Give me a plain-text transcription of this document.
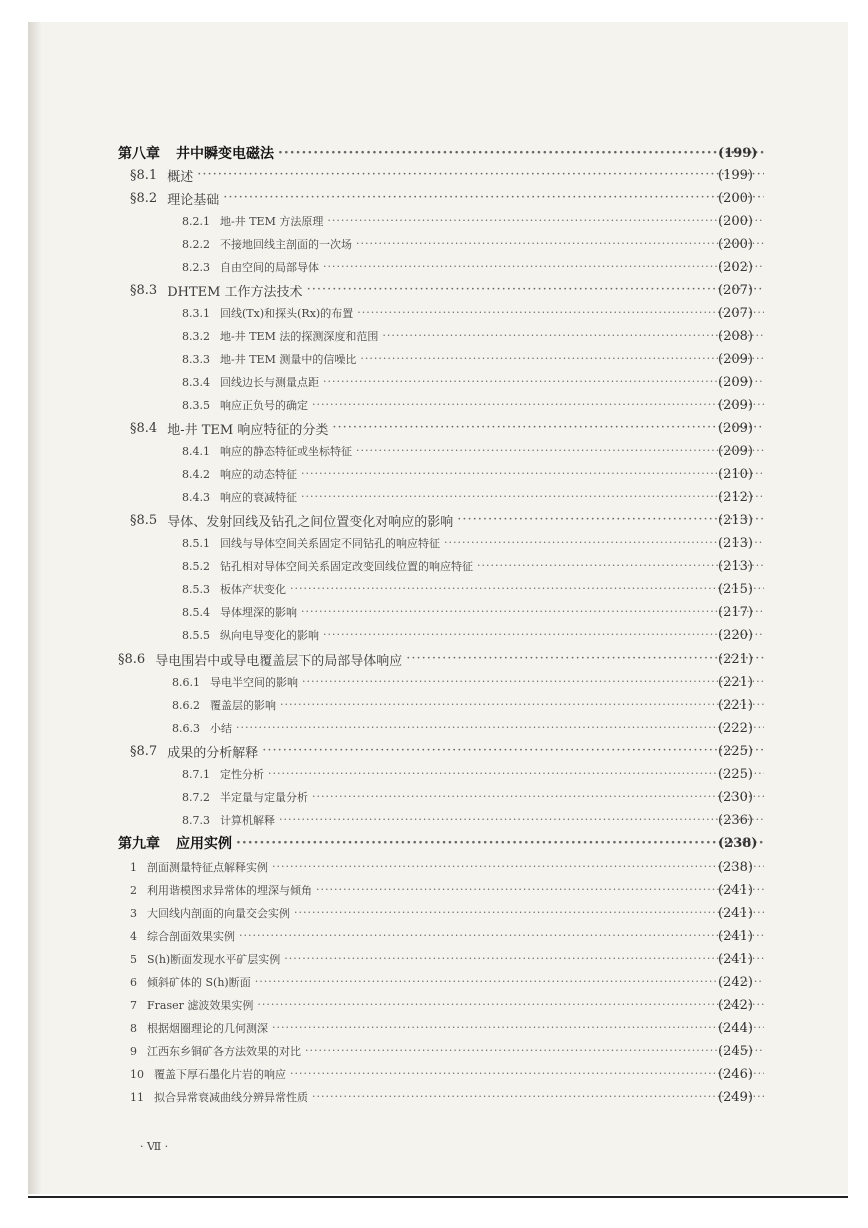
第八章 井中瞬变电磁法 ·····	(199)
§8.1 概述 ·····	(199)
§8.2 理论基础 ·····	(200)
8.2.1 地-井 TEM 方法原理 ·····	(200)
8.2.2 不接地回线主剖面的一次场 ·····	(200)
8.2.3 自由空间的局部导体 ·····	(202)
§8.3 DHTEM 工作方法技术 ·····	(207)
8.3.1 回线(Tx)和探头(Rx)的布置 ·····	(207)
8.3.2 地-井 TEM 法的探测深度和范围 ·····	(208)
8.3.3 地-井 TEM 测量中的信噪比 ·····	(209)
8.3.4 回线边长与测量点距 ·····	(209)
8.3.5 响应正负号的确定 ·····	(209)
§8.4 地-井 TEM 响应特征的分类 ·····	(209)
8.4.1 响应的静态特征或坐标特征 ·····	(209)
8.4.2 响应的动态特征 ·····	(210)
8.4.3 响应的衰减特征 ·····	(212)
§8.5 导体、发射回线及钻孔之间位置变化对响应的影响 ·····	(213)
8.5.1 回线与导体空间关系固定不同钻孔的响应特征 ·····	(213)
8.5.2 钻孔相对导体空间关系固定改变回线位置的响应特征 ·····	(213)
8.5.3 板体产状变化 ·····	(215)
8.5.4 导体埋深的影响 ·····	(217)
8.5.5 纵向电导变化的影响 ·····	(220)
§8.6 导电围岩中或导电覆盖层下的局部导体响应 ·····	(221)
8.6.1 导电半空间的影响 ·····	(221)
8.6.2 覆盖层的影响 ·····	(221)
8.6.3 小结 ·····	(222)
§8.7 成果的分析解释 ·····	(225)
8.7.1 定性分析 ·····	(225)
8.7.2 半定量与定量分析 ·····	(230)
8.7.3 计算机解释 ·····	(236)
第九章 应用实例 ·····	(238)
1 剖面测量特征点解释实例 ·····	(238)
2 利用谐模图求异常体的埋深与倾角 ·····	(241)
3 大回线内剖面的向量交会实例 ·····	(241)
4 综合剖面效果实例 ·····	(241)
5 S(h)断面发现水平矿层实例 ·····	(241)
6 倾斜矿体的 S(h)断面 ·····	(242)
7 Fraser 滤波效果实例 ·····	(242)
8 根据烟圈理论的几何测深 ·····	(244)
9 江西东乡铜矿各方法效果的对比 ·····	(245)
10 覆盖下厚石墨化片岩的响应 ·····	(246)
11 拟合异常衰减曲线分辨异常性质 ·····	(249)
· Ⅶ ·
